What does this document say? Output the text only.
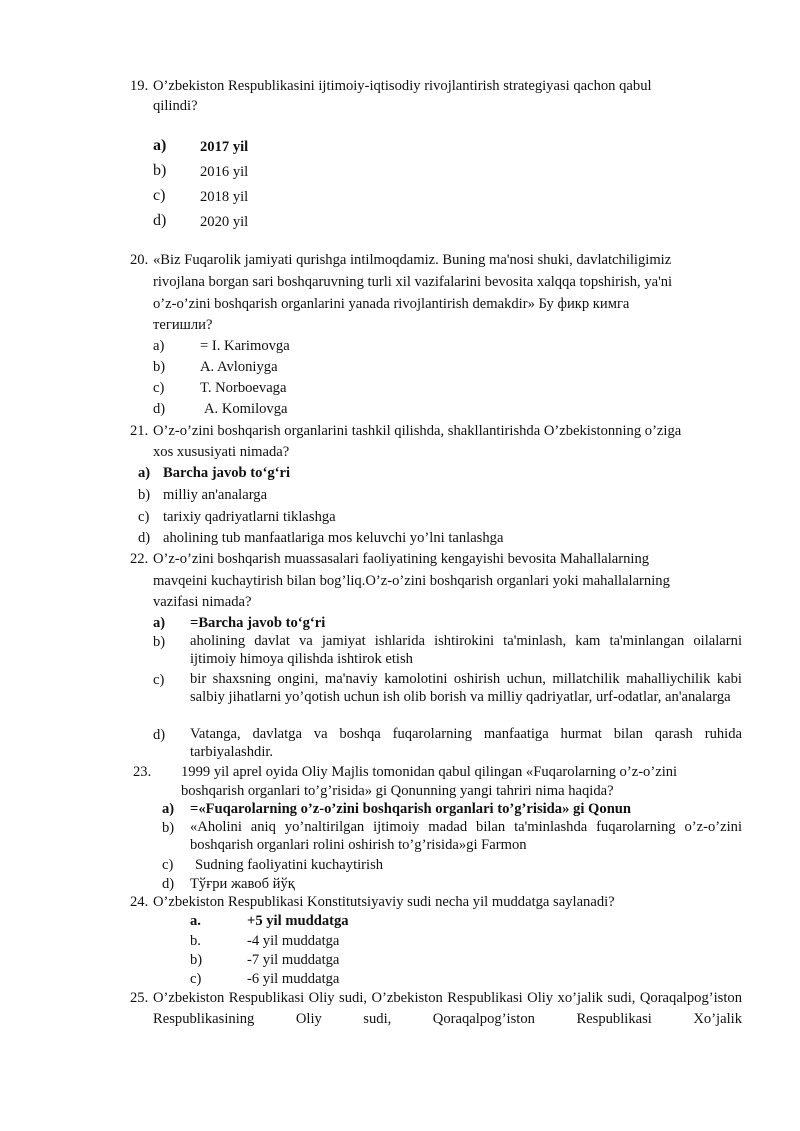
19. O’zbekiston Respublikasini ijtimoiy-iqtisodiy rivojlantirish strategiyasi qachon qabul
qilindi?
a) 2017 yil
b) 2016 yil
c) 2018 yil
d) 2020 yil
20. «Biz Fuqarolik jamiyati qurishga intilmoqdamiz. Buning ma'nosi shuki, davlatchiligimiz
rivojlana borgan sari boshqaruvning turli xil vazifalarini bevosita xalqqa topshirish, ya'ni
o’z-o’zini boshqarish organlarini yanada rivojlantirish demakdir» Бу фикр кимга
тегишли?
a) = I. Karimovga
b) A. Avloniyga
c) T. Norboevaga
d)	A. Komilovga
21. O’z-o’zini boshqarish organlarini tashkil qilishda, shakllantirishda O’zbekistonning o’ziga
xos xususiyati nimada?
a) Barcha javob to‘g‘ri
b) milliy an'analarga
c) tarixiy qadriyatlarni tiklashga
d) aholining tub manfaatlariga mos keluvchi yo’lni tanlashga
22. O’z-o’zini boshqarish muassasalari faoliyatining kengayishi bevosita Mahallalarning
mavqeini kuchaytirish bilan bog’liq.O’z-o’zini boshqarish organlari yoki mahallalarning
vazifasi nimada?
a) =Barcha javob to‘g‘ri
b) aholining davlat va jamiyat ishlarida ishtirokini ta'minlash, kam ta'minlangan oilalarni ijtimoiy himoya qilishda ishtirok etish
c) bir shaxsning ongini, ma'naviy kamolotini oshirish uchun, millatchilik mahalliychilik kabi salbiy jihatlarni yo’qotish uchun ish olib borish va milliy qadriyatlar, urf-odatlar, an'analarga
d) Vatanga, davlatga va boshqa fuqarolarning manfaatiga hurmat bilan qarash ruhida tarbiyalashdir.
23. 1999 yil aprel oyida Oliy Majlis tomonidan qabul qilingan «Fuqarolarning o’z-o’zini
boshqarish organlari to’g’risida» gi Qonunning yangi tahriri nima haqida?
a) =«Fuqarolarning o’z-o’zini boshqarish organlari to’g’risida» gi Qonun
b) «Aholini aniq yo’naltirilgan ijtimoiy madad bilan ta'minlashda fuqarolarning o’z-o’zini boshqarish organlari rolini oshirish to’g’risida»gi Farmon
c) Sudning faoliyatini kuchaytirish
d) Тўғри жавоб йўқ
24. O’zbekiston Respublikasi Konstitutsiyaviy sudi necha yil muddatga saylanadi?
a.	+5 yil muddatga
b.	-4 yil muddatga
b)	-7 yil muddatga
c)	-6 yil muddatga
25. O’zbekiston Respublikasi Oliy sudi, O’zbekiston Respublikasi Oliy xo’jalik sudi, Qoraqalpog’iston Respublikasining Oliy sudi, Qoraqalpog’iston Respublikasi Xo’jalik
